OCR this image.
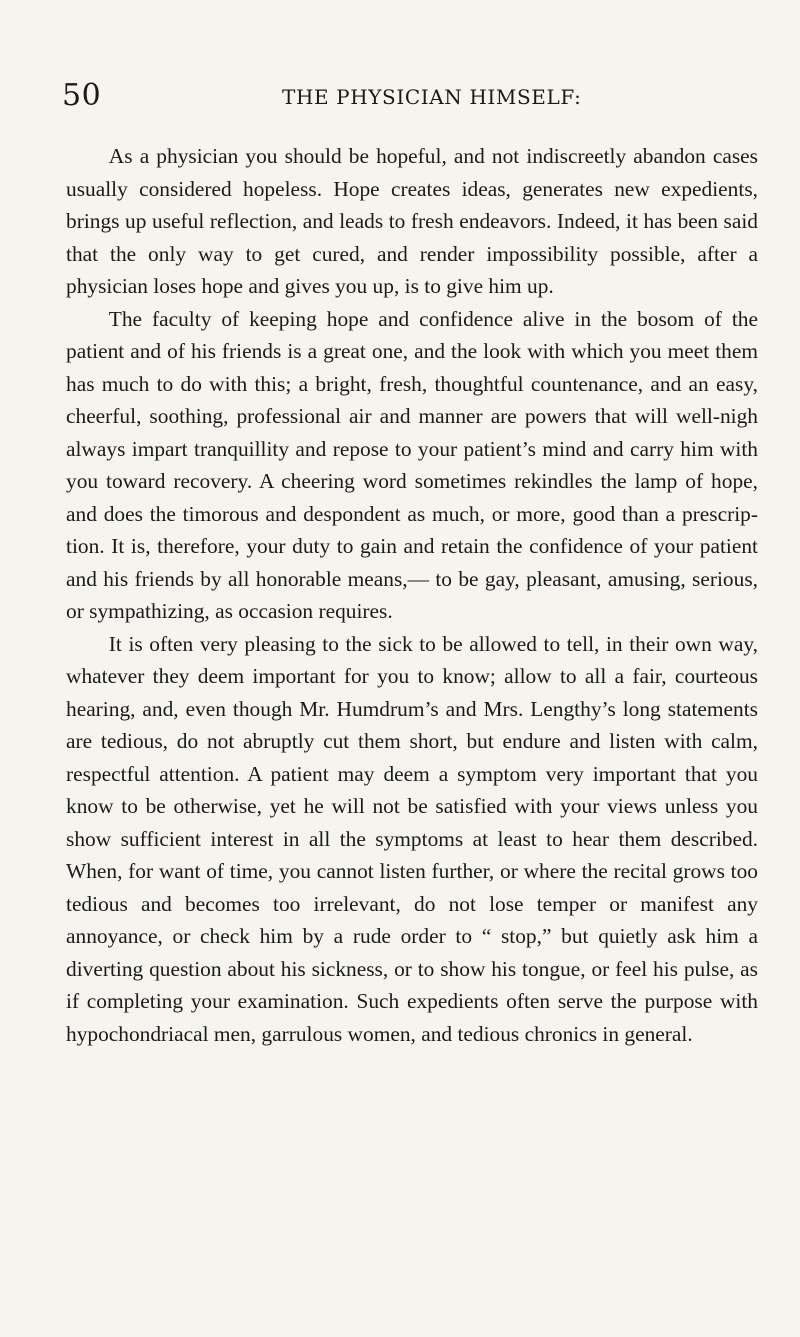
50	THE PHYSICIAN HIMSELF:

As a physician you should be hopeful, and not indiscreetly abandon cases usually considered hopeless. Hope creates ideas, generates new expedients, brings up useful reflection, and leads to fresh endeavors. Indeed, it has been said that the only way to get cured, and render impossibility possible, after a physician loses hope and gives you up, is to give him up.

The faculty of keeping hope and confidence alive in the bosom of the patient and of his friends is a great one, and the look with which you meet them has much to do with this; a bright, fresh, thoughtful countenance, and an easy, cheerful, soothing, professional air and manner are powers that will well-nigh always impart tranquillity and repose to your patient’s mind and carry him with you toward recovery. A cheering word sometimes rekindles the lamp of hope, and does the timorous and despondent as much, or more, good than a prescription. It is, therefore, your duty to gain and retain the confidence of your patient and his friends by all honorable means,— to be gay, pleasant, amusing, serious, or sympathizing, as occasion requires.

It is often very pleasing to the sick to be allowed to tell, in their own way, whatever they deem important for you to know; allow to all a fair, courteous hearing, and, even though Mr. Humdrum’s and Mrs. Lengthy’s long statements are tedious, do not abruptly cut them short, but endure and listen with calm, respectful attention. A patient may deem a symptom very important that you know to be otherwise, yet he will not be satisfied with your views unless you show sufficient interest in all the symptoms at least to hear them described. When, for want of time, you cannot listen further, or where the recital grows too tedious and becomes too irrelevant, do not lose temper or manifest any annoyance, or check him by a rude order to “ stop,” but quietly ask him a diverting question about his sickness, or to show his tongue, or feel his pulse, as if completing your examination. Such expedients often serve the purpose with hypochondriacal men, garrulous women, and tedious chronics in general.
